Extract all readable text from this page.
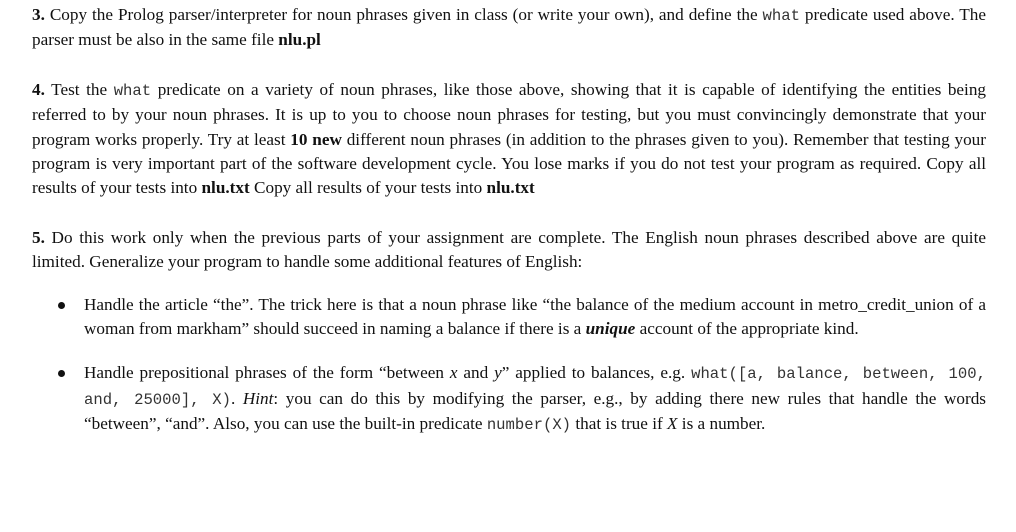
3. Copy the Prolog parser/interpreter for noun phrases given in class (or write your own), and define the what predicate used above. The parser must be also in the same file nlu.pl

4. Test the what predicate on a variety of noun phrases, like those above, showing that it is capable of identifying the entities being referred to by your noun phrases. It is up to you to choose noun phrases for testing, but you must convincingly demonstrate that your program works properly. Try at least 10 new different noun phrases (in addition to the phrases given to you). Remember that testing your program is very important part of the software development cycle. You lose marks if you do not test your program as required. Copy all results of your tests into nlu.txt Copy all results of your tests into nlu.txt

5. Do this work only when the previous parts of your assignment are complete. The English noun phrases described above are quite limited. Generalize your program to handle some additional features of English:

Handle the article “the”. The trick here is that a noun phrase like “the balance of the medium account in metro_credit_union of a woman from markham” should succeed in naming a balance if there is a unique account of the appropriate kind.

Handle prepositional phrases of the form “between x and y” applied to balances, e.g. what([a, balance, between, 100, and, 25000], X). Hint: you can do this by modifying the parser, e.g., by adding there new rules that handle the words “between”, “and”. Also, you can use the built-in predicate number(X) that is true if X is a number.
